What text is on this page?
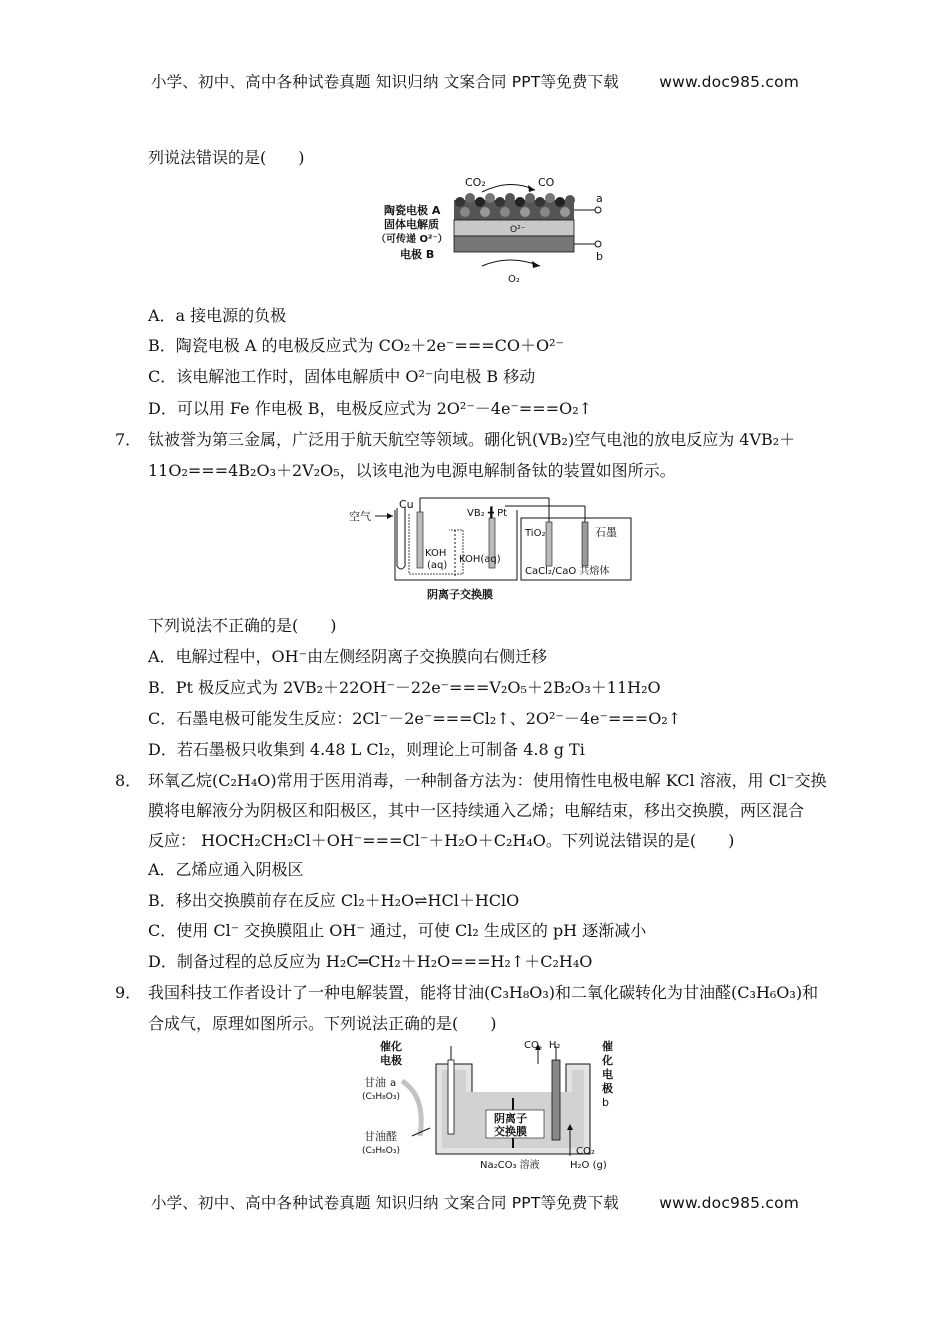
小学、初中、高中各种试卷真题 知识归纳 文案合同 PPT等免费下载	www.doc985.com
列说法错误的是(　　)
CO₂	CO
O²⁻
a
b
O₂
陶瓷电极 A
固体电解质
（可传递 O²⁻）
电极 B
A．a 接电源的负极
B．陶瓷电极 A 的电极反应式为 CO₂＋2e⁻===CO＋O²⁻
C．该电解池工作时，固体电解质中 O²⁻向电极 B 移动
D．可以用 Fe 作电极 B，电极反应式为 2O²⁻－4e⁻===O₂↑
7． 钛被誉为第三金属，广泛用于航天航空等领域。硼化钒(VB₂)空气电池的放电反应为 4VB₂＋
11O₂===4B₂O₃＋2V₂O₅，以该电池为电源电解制备钛的装置如图所示。
空气
Cu
VB₂ ╋ Pt
KOH
(aq)
KOH(aq)
TiO₂	石墨
CaCl₂/CaO 共熔体
阴离子交换膜
下列说法不正确的是(　　)
A．电解过程中，OH⁻由左侧经阴离子交换膜向右侧迁移
B．Pt 极反应式为 2VB₂＋22OH⁻－22e⁻===V₂O₅＋2B₂O₃＋11H₂O
C．石墨电极可能发生反应：2Cl⁻－2e⁻===Cl₂↑、2O²⁻－4e⁻===O₂↑
D．若石墨极只收集到 4.48 L Cl₂，则理论上可制备 4.8 g Ti
8． 环氧乙烷(C₂H₄O)常用于医用消毒，一种制备方法为：使用惰性电极电解 KCl 溶液，用 Cl⁻交换
膜将电解液分为阴极区和阳极区，其中一区持续通入乙烯；电解结束，移出交换膜，两区混合
反应： HOCH₂CH₂Cl＋OH⁻===Cl⁻＋H₂O＋C₂H₄O。下列说法错误的是(　　)
A．乙烯应通入阴极区
B．移出交换膜前存在反应 Cl₂＋H₂O⇌HCl＋HClO
C．使用 Cl⁻ 交换膜阻止 OH⁻ 通过，可使 Cl₂ 生成区的 pH 逐渐减小
D．制备过程的总反应为 H₂C═CH₂＋H₂O===H₂↑＋C₂H₄O
9． 我国科技工作者设计了一种电解装置，能将甘油(C₃H₈O₃)和二氧化碳转化为甘油醛(C₃H₆O₃)和
合成气，原理如图所示。下列说法正确的是(　　)
催化
电极
甘油 a
(C₃H₈O₃)
甘油醛
(C₃H₆O₃)
阴离子
交换膜
Na₂CO₃ 溶液
CO、H₂	催
化
电
极
b
CO₂
H₂O (g)
小学、初中、高中各种试卷真题 知识归纳 文案合同 PPT等免费下载	www.doc985.com
